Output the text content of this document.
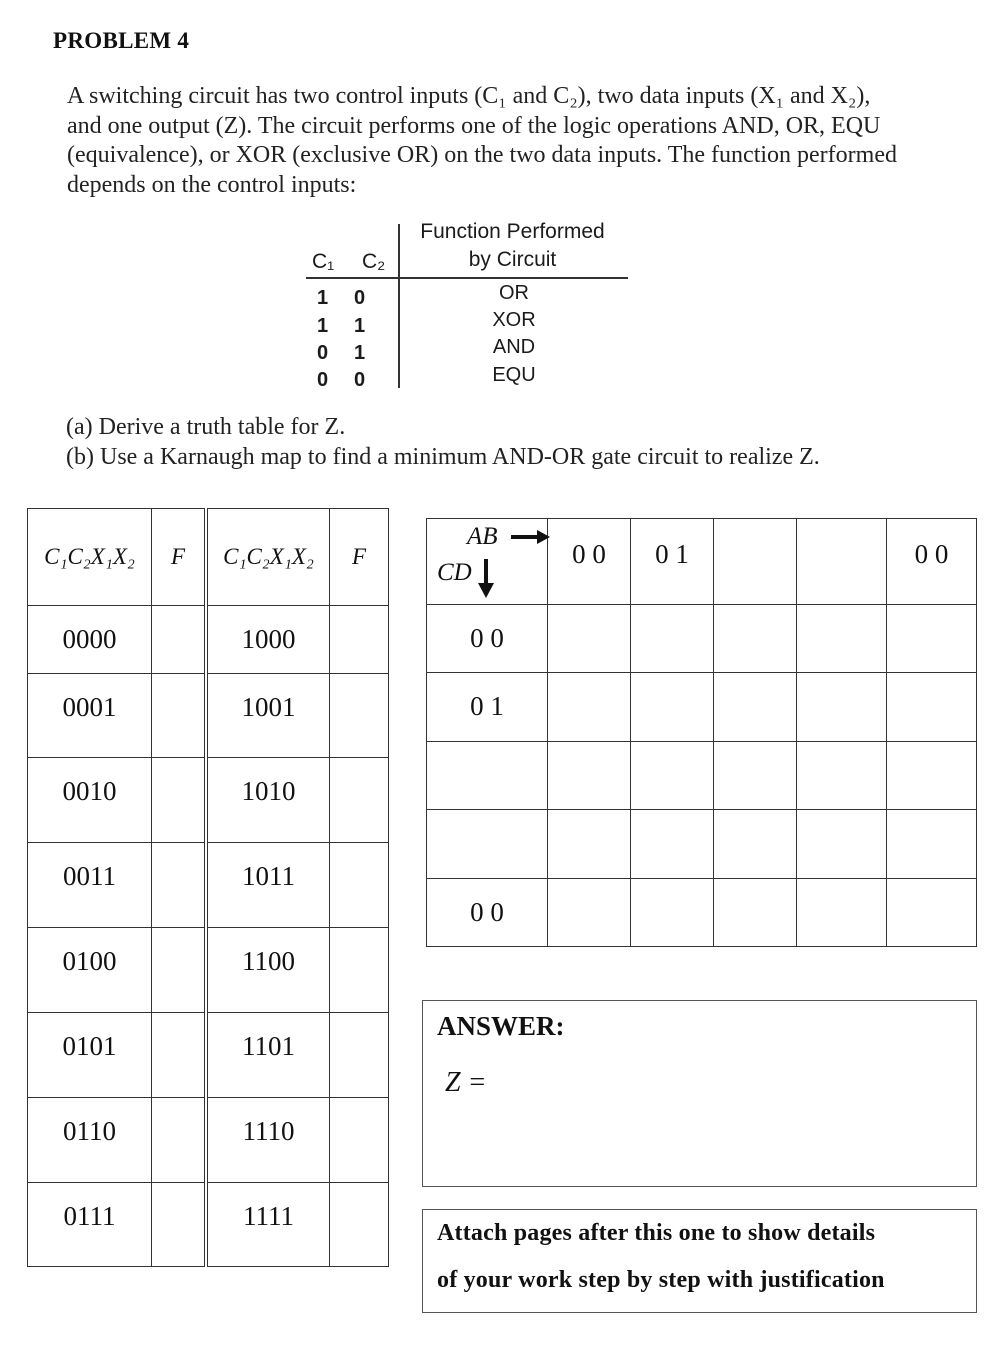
PROBLEM 4
A switching circuit has two control inputs (C₁ and C₂), two data inputs (X₁ and X₂),
and one output (Z). The circuit performs one of the logic operations AND, OR, EQU
(equivalence), or XOR (exclusive OR) on the two data inputs. The function performed
depends on the control inputs:
C₁ C₂
Function Performed
by Circuit
1 0	OR
1 1	XOR
0 1	AND
0 0	EQU
(a) Derive a truth table for Z.
(b) Use a Karnaugh map to find a minimum AND-OR gate circuit to realize Z.
C₁C₂X₁X₂	F	C₁C₂X₁X₂	F
0000		1000	
0001		1001	
0010		1010	
0011		1011	
0100		1100	
0101		1101	
0110		1110	
0111		1111	
AB
CD	0 0	0 1			0 0
0 0					
0 1					

0 0					
ANSWER:
Z =
Attach pages after this one to show details
of your work step by step with justification
